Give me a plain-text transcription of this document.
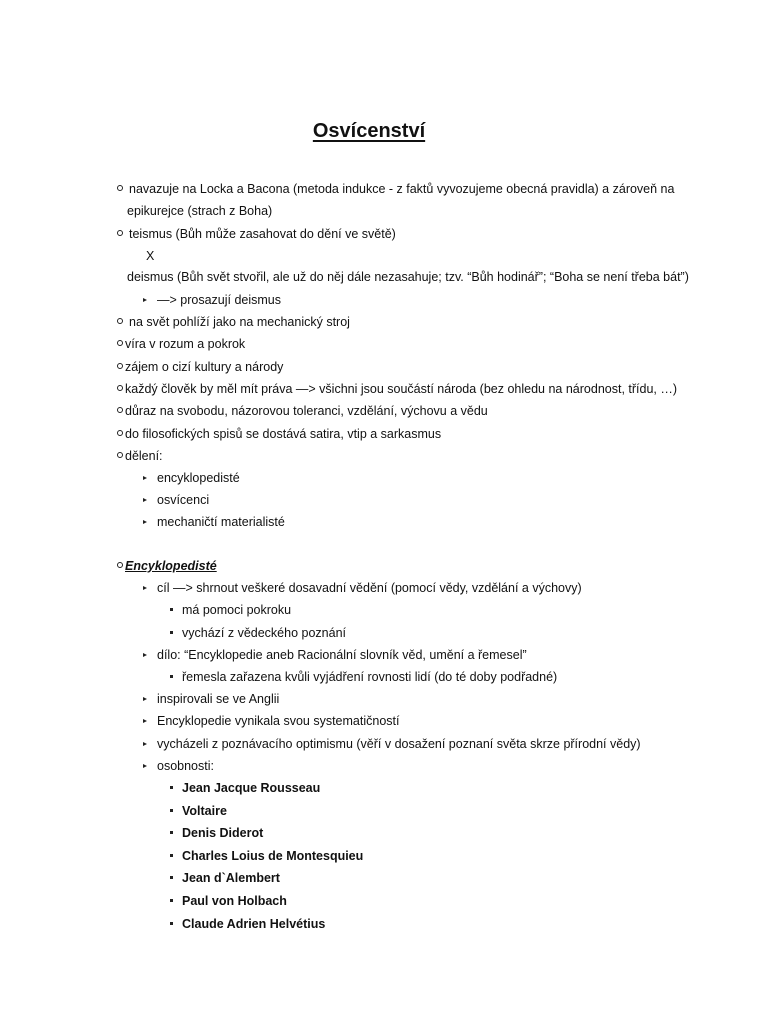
Osvícenství
navazuje na Locka a Bacona (metoda indukce - z faktů vyvozujeme obecná pravidla) a zároveň na
epikurejce (strach z Boha)
teismus (Bůh může zasahovat do dění ve světě)
X
deismus (Bůh svět stvořil, ale už do něj dále nezasahuje; tzv. “Bůh hodinář”; “Boha se není třeba bát”)
—> prosazují deismus
na svět pohlíží jako na mechanický stroj
víra v rozum a pokrok
zájem o cizí kultury a národy
každý člověk by měl mít práva —> všichni jsou součástí národa (bez ohledu na národnost, třídu, …)
důraz na svobodu, názorovou toleranci, vzdělání, výchovu a vědu
do filosofických spisů se dostává satira, vtip a sarkasmus
dělení:
encyklopedisté
osvícenci
mechaničtí materialisté
Encyklopedisté
cíl —> shrnout veškeré dosavadní vědění (pomocí vědy, vzdělání a výchovy)
má pomoci pokroku
vychází z vědeckého poznání
dílo: “Encyklopedie aneb Racionální slovník věd, umění a řemesel”
řemesla zařazena kvůli vyjádření rovnosti lidí (do té doby podřadné)
inspirovali se ve Anglii
Encyklopedie vynikala svou systematičností
vycházeli z poznávacího optimismu (věří v dosažení poznaní světa skrze přírodní vědy)
osobnosti:
Jean Jacque Rousseau
Voltaire
Denis Diderot
Charles Loius de Montesquieu
Jean d`Alembert
Paul von Holbach
Claude Adrien Helvétius
